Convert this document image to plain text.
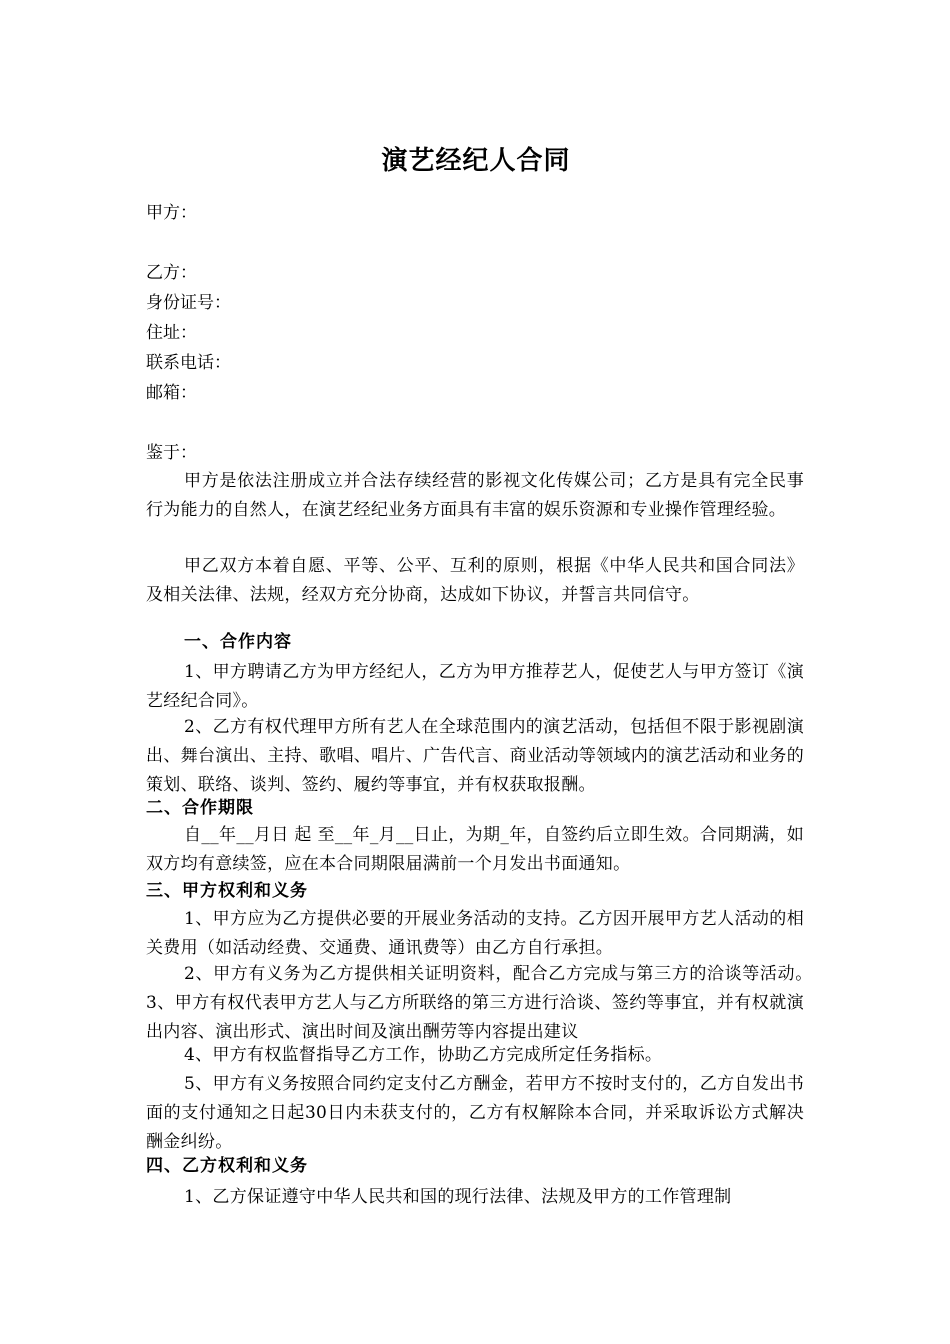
演艺经纪人合同

甲方：

乙方：

身份证号：

住址：

联系电话：

邮箱：

鉴于：

甲方是依法注册成立并合法存续经营的影视文化传媒公司；乙方是具有完全民事行为能力的自然人，在演艺经纪业务方面具有丰富的娱乐资源和专业操作管理经验。

甲乙双方本着自愿、平等、公平、互利的原则，根据《中华人民共和国合同法》及相关法律、法规，经双方充分协商，达成如下协议，并誓言共同信守。

一、合作内容

1、甲方聘请乙方为甲方经纪人，乙方为甲方推荐艺人，促使艺人与甲方签订《演艺经纪合同》。

2、乙方有权代理甲方所有艺人在全球范围内的演艺活动，包括但不限于影视剧演出、舞台演出、主持、歌唱、唱片、广告代言、商业活动等领域内的演艺活动和业务的策划、联络、谈判、签约、履约等事宜，并有权获取报酬。

二、合作期限

自__年__月日 起 至__年_月__日止，为期_年，自签约后立即生效。合同期满，如双方均有意续签，应在本合同期限届满前一个月发出书面通知。

三、甲方权利和义务

1、甲方应为乙方提供必要的开展业务活动的支持。乙方因开展甲方艺人活动的相关费用（如活动经费、交通费、通讯费等）由乙方自行承担。

2、甲方有义务为乙方提供相关证明资料，配合乙方完成与第三方的洽谈等活动。　3、甲方有权代表甲方艺人与乙方所联络的第三方进行洽谈、签约等事宜，并有权就演出内容、演出形式、演出时间及演出酬劳等内容提出建议

4、甲方有权监督指导乙方工作，协助乙方完成所定任务指标。

5、甲方有义务按照合同约定支付乙方酬金，若甲方不按时支付的，乙方自发出书面的支付通知之日起30日内未获支付的，乙方有权解除本合同，并采取诉讼方式解决酬金纠纷。

四、乙方权利和义务

1、乙方保证遵守中华人民共和国的现行法律、法规及甲方的工作管理制
